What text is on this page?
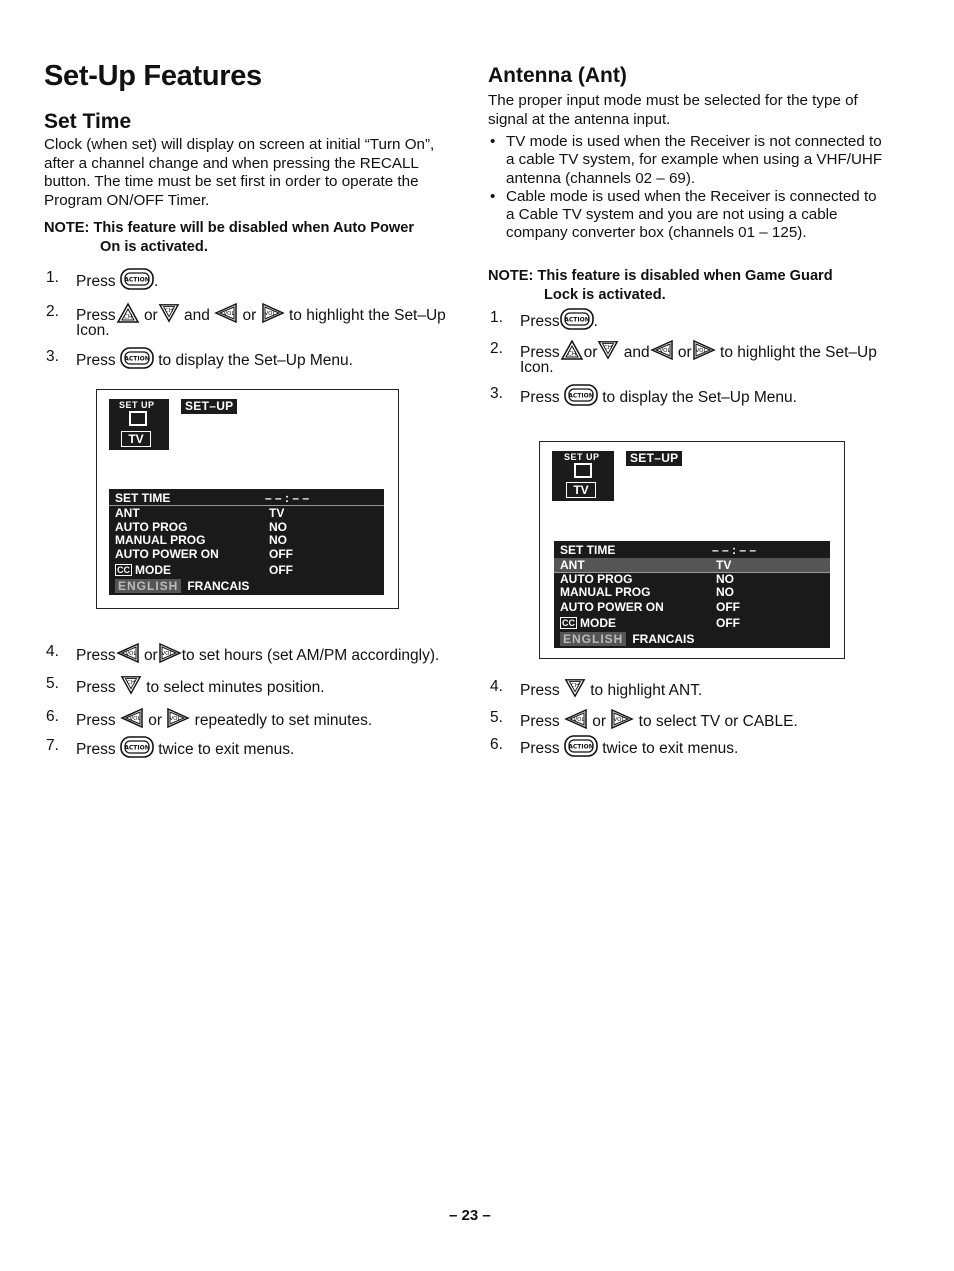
Set-Up Features
Set Time
Clock (when set) will display on screen at initial “Turn On”,
after a channel change and when pressing the RECALL
button. The time must be set first in order to operate the
Program ON/OFF Timer.
NOTE: This feature will be disabled when Auto Power
On is activated.
1. Press .
2. Press or and or to highlight the Set–Up
Icon.
3. Press	to display the Set–Up Menu.
SET UP
TV
SET–UP
SET TIME	– – : – –
ANT	TV
AUTO PROG	NO
MANUAL PROG	NO
AUTO POWER ON	OFF
CC MODE	OFF
ENGLISH FRANCAIS
4. Press or to set hours (set AM/PM accordingly).
5. Press to select minutes position.
6. Press or repeatedly to set minutes.
7. Press	twice to exit menus.
Antenna (Ant)
The proper input mode must be selected for the type of
signal at the antenna input.
• TV mode is used when the Receiver is not connected to
a cable TV system, for example when using a VHF/UHF
antenna (channels 02 – 69).
• Cable mode is used when the Receiver is connected to
a Cable TV system and you are not using a cable
company converter box (channels 01 – 125).
NOTE: This feature is disabled when Game Guard
Lock is activated.
1. Press .
2. Press or and or to highlight the Set–Up
Icon.
3. Press	to display the Set–Up Menu.
SET UP
TV
SET–UP
SET TIME	– – : – –
ANT	TV
AUTO PROG	NO
MANUAL PROG	NO
AUTO POWER ON	OFF
CC MODE	OFF
ENGLISH FRANCAIS
4. Press to highlight ANT.
5. Press or to select TV or CABLE.
6. Press	twice to exit menus.
– 23 –
